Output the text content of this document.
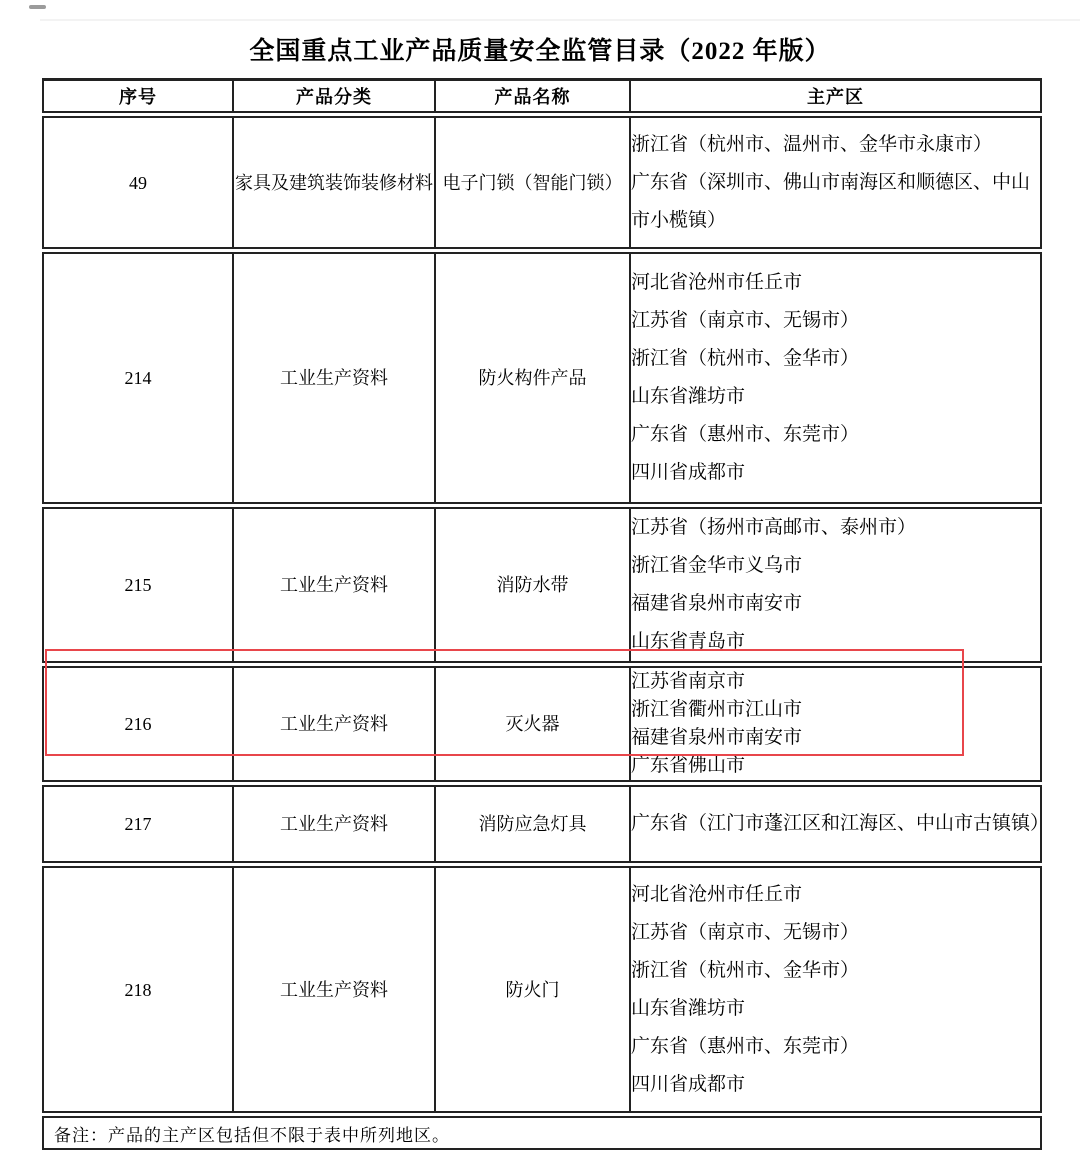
全国重点工业产品质量安全监管目录（2022 年版）
序号	产品分类	产品名称	主产区
49	家具及建筑装饰装修材料	电子门锁（智能门锁）	浙江省（杭州市、温州市、金华市永康市）
广东省（深圳市、佛山市南海区和顺德区、中山市小榄镇）

214	工业生产资料	防火构件产品	
河北省沧州市任丘市
江苏省（南京市、无锡市）
浙江省（杭州市、金华市）
山东省潍坊市
广东省（惠州市、东莞市）
四川省成都市

215	工业生产资料	消防水带	江苏省（扬州市高邮市、泰州市）
浙江省金华市义乌市
福建省泉州市南安市
山东省青岛市

216	工业生产资料	灭火器	江苏省南京市
浙江省衢州市江山市
福建省泉州市南安市
广东省佛山市

217	工业生产资料	消防应急灯具	广东省（江门市蓬江区和江海区、中山市古镇镇）

218	工业生产资料	防火门	
河北省沧州市任丘市
江苏省（南京市、无锡市）
浙江省（杭州市、金华市）
山东省潍坊市
广东省（惠州市、东莞市）
四川省成都市

备注：产品的主产区包括但不限于表中所列地区。			
